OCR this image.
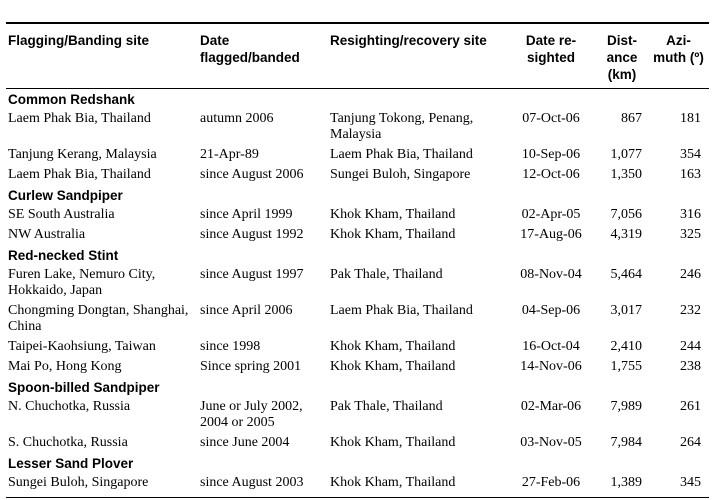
Flagging/Banding site	Date flagged/banded	Resighting/recovery site	Date re-sighted	Dist-ance (km)	Azi-muth (º)
Common Redshank					
Laem Phak Bia, Thailand	autumn 2006	Tanjung Tokong, Penang, Malaysia	07-Oct-06	867	181
Tanjung Kerang, Malaysia	21-Apr-89	Laem Phak Bia, Thailand	10-Sep-06	1,077	354
Laem Phak Bia, Thailand	since August 2006	Sungei Buloh, Singapore	12-Oct-06	1,350	163
Curlew Sandpiper					
SE South Australia	since April 1999	Khok Kham, Thailand	02-Apr-05	7,056	316
NW Australia	since August 1992	Khok Kham, Thailand	17-Aug-06	4,319	325
Red-necked Stint					
Furen Lake, Nemuro City, Hokkaido, Japan	since August 1997	Pak Thale, Thailand	08-Nov-04	5,464	246
Chongming Dongtan, Shanghai, China	since April 2006	Laem Phak Bia, Thailand	04-Sep-06	3,017	232
Taipei-Kaohsiung, Taiwan	since 1998	Khok Kham, Thailand	16-Oct-04	2,410	244
Mai Po, Hong Kong	Since spring 2001	Khok Kham, Thailand	14-Nov-06	1,755	238
Spoon-billed Sandpiper					
N. Chuchotka, Russia	June or July 2002, 2004 or 2005	Pak Thale, Thailand	02-Mar-06	7,989	261
S. Chuchotka, Russia	since June 2004	Khok Kham, Thailand	03-Nov-05	7,984	264
Lesser Sand Plover					
Sungei Buloh, Singapore	since August 2003	Khok Kham, Thailand	27-Feb-06	1,389	345
